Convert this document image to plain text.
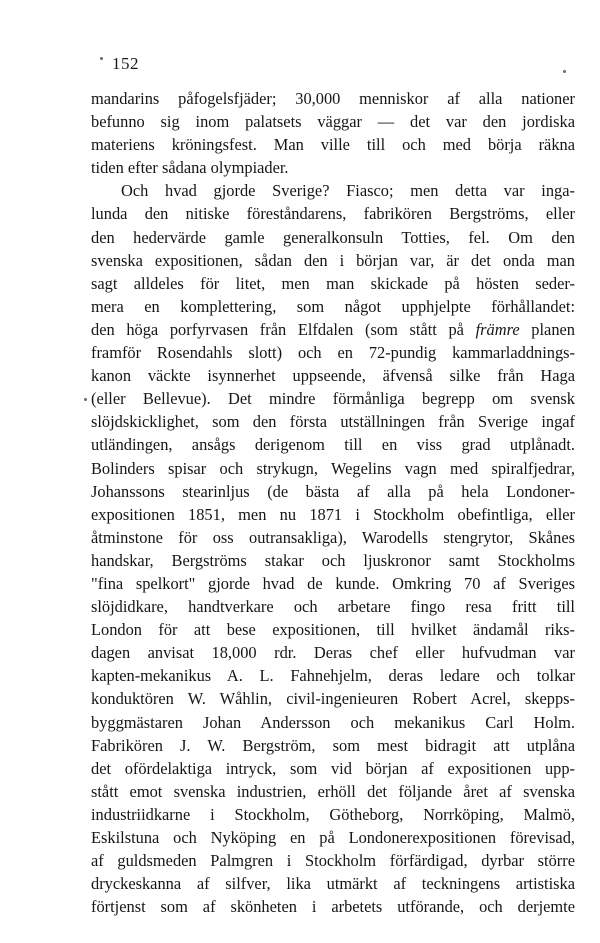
152
mandarins påfogelsfjäder; 30,000 menniskor af alla nationer
befunno sig inom palatsets väggar — det var den jordiska
materiens kröningsfest. Man ville till och med börja räkna
tiden efter sådana olympiader.
Och hvad gjorde Sverige? Fiasco; men detta var inga-
lunda den nitiske föreståndarens, fabrikören Bergströms, eller
den hedervärde gamle generalkonsuln Totties, fel. Om den
svenska expositionen, sådan den i början var, är det onda man
sagt alldeles för litet, men man skickade på hösten seder-
mera en komplettering, som något upphjelpte förhållandet:
den höga porfyrvasen från Elfdalen (som stått på främre planen
framför Rosendahls slott) och en 72-pundig kammarladdnings-
kanon väckte isynnerhet uppseende, äfvenså silke från Haga
(eller Bellevue). Det mindre förmånliga begrepp om svensk
slöjdskicklighet, som den första utställningen från Sverige ingaf
utländingen, ansågs derigenom till en viss grad utplånadt.
Bolinders spisar och strykugn, Wegelins vagn med spiralfjedrar,
Johanssons stearinljus (de bästa af alla på hela Londoner-
expositionen 1851, men nu 1871 i Stockholm obefintliga, eller
åtminstone för oss outransakliga), Warodells stengrytor, Skånes
handskar, Bergströms stakar och ljuskronor samt Stockholms
"fina spelkort" gjorde hvad de kunde. Omkring 70 af Sveriges
slöjdidkare, handtverkare och arbetare fingo resa fritt till
London för att bese expositionen, till hvilket ändamål riks-
dagen anvisat 18,000 rdr. Deras chef eller hufvudman var
kapten-mekanikus A. L. Fahnehjelm, deras ledare och tolkar
konduktören W. Wåhlin, civil-ingenieuren Robert Acrel, skepps-
byggmästaren Johan Andersson och mekanikus Carl Holm.
Fabrikören J. W. Bergström, som mest bidragit att utplåna
det ofördelaktiga intryck, som vid början af expositionen upp-
stått emot svenska industrien, erhöll det följande året af svenska
industriidkarne i Stockholm, Götheborg, Norrköping, Malmö,
Eskilstuna och Nyköping en på Londonerexpositionen förevisad,
af guldsmeden Palmgren i Stockholm förfärdigad, dyrbar större
dryckeskanna af silfver, lika utmärkt af teckningens artistiska
förtjenst som af skönheten i arbetets utförande, och derjemte
